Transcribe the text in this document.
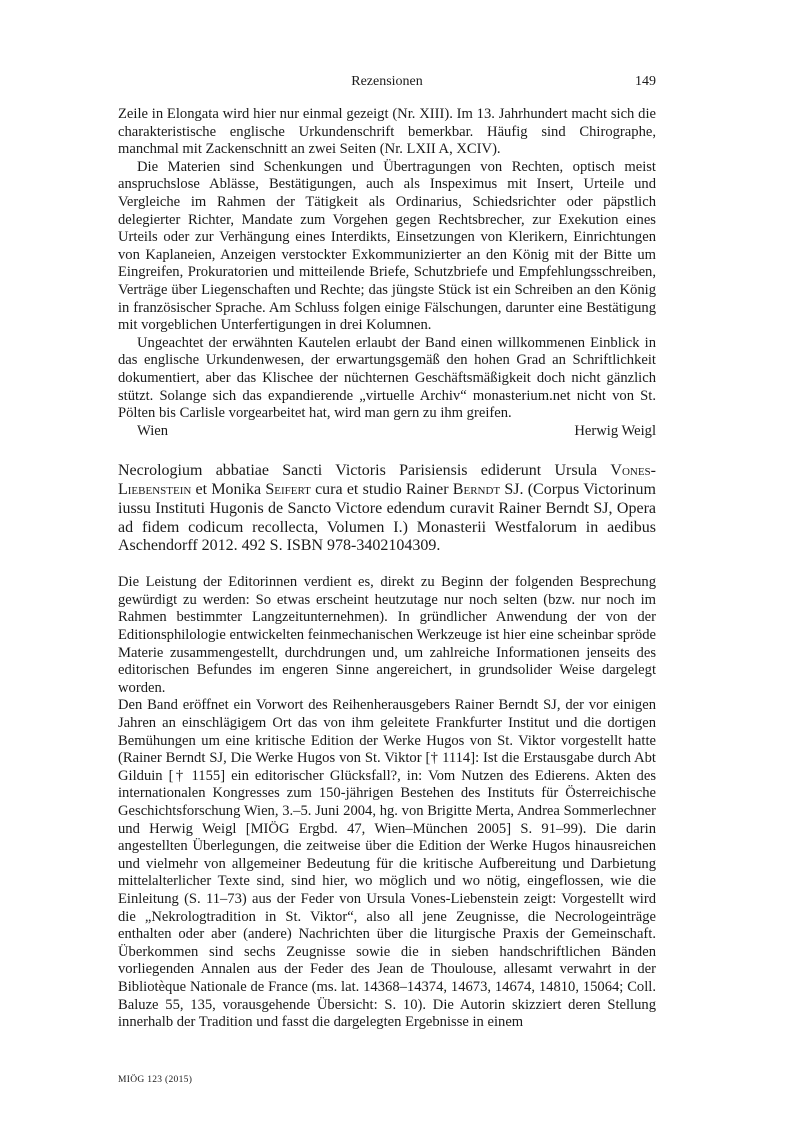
Rezensionen	149

Zeile in Elongata wird hier nur einmal gezeigt (Nr. XIII). Im 13. Jahrhundert macht sich die charakteristische englische Urkundenschrift bemerkbar. Häufig sind Chirographe, manchmal mit Zackenschnitt an zwei Seiten (Nr. LXII A, XCIV).

Die Materien sind Schenkungen und Übertragungen von Rechten, optisch meist anspruchslose Ablässe, Bestätigungen, auch als Inspeximus mit Insert, Urteile und Vergleiche im Rahmen der Tätigkeit als Ordinarius, Schiedsrichter oder päpstlich delegierter Richter, Mandate zum Vorgehen gegen Rechtsbrecher, zur Exekution eines Urteils oder zur Verhängung eines Interdikts, Einsetzungen von Klerikern, Einrichtungen von Kaplaneien, Anzeigen verstockter Exkommunizierter an den König mit der Bitte um Eingreifen, Prokuratorien und mitteilende Briefe, Schutzbriefe und Empfehlungsschreiben, Verträge über Liegenschaften und Rechte; das jüngste Stück ist ein Schreiben an den König in französischer Sprache. Am Schluss folgen einige Fälschungen, darunter eine Bestätigung mit vorgeblichen Unterfertigungen in drei Kolumnen.

Ungeachtet der erwähnten Kautelen erlaubt der Band einen willkommenen Einblick in das englische Urkundenwesen, der erwartungsgemäß den hohen Grad an Schriftlichkeit dokumentiert, aber das Klischee der nüchternen Geschäftsmäßigkeit doch nicht gänzlich stützt. Solange sich das expandierende „virtuelle Archiv“ monasterium.net nicht von St. Pölten bis Carlisle vorgearbeitet hat, wird man gern zu ihm greifen.

Wien	Herwig Weigl
Necrologium abbatiae Sancti Victoris Parisiensis ediderunt Ursula Vones-Liebenstein et Monika Seifert cura et studio Rainer Berndt SJ. (Corpus Victorinum iussu Instituti Hugonis de Sancto Victore edendum curavit Rainer Berndt SJ, Opera ad fidem codicum recollecta, Volumen I.) Monasterii Westfalorum in aedibus Aschendorff 2012. 492 S. ISBN 978-3402104309.

Die Leistung der Editorinnen verdient es, direkt zu Beginn der folgenden Besprechung gewürdigt zu werden: So etwas erscheint heutzutage nur noch selten (bzw. nur noch im Rahmen bestimmter Langzeitunternehmen). In gründlicher Anwendung der von der Editionsphilologie entwickelten feinmechanischen Werkzeuge ist hier eine scheinbar spröde Materie zusammengestellt, durchdrungen und, um zahlreiche Informationen jenseits des editorischen Befundes im engeren Sinne angereichert, in grundsolider Weise dargelegt worden.

Den Band eröffnet ein Vorwort des Reihenherausgebers Rainer Berndt SJ, der vor einigen Jahren an einschlägigem Ort das von ihm geleitete Frankfurter Institut und die dortigen Bemühungen um eine kritische Edition der Werke Hugos von St. Viktor vorgestellt hatte (Rainer Berndt SJ, Die Werke Hugos von St. Viktor [† 1114]: Ist die Erstausgabe durch Abt Gilduin [† 1155] ein editorischer Glücksfall?, in: Vom Nutzen des Edierens. Akten des internationalen Kongresses zum 150-jährigen Bestehen des Instituts für Österreichische Geschichtsforschung Wien, 3.–5. Juni 2004, hg. von Brigitte Merta, Andrea Sommerlechner und Herwig Weigl [MIÖG Ergbd. 47, Wien–München 2005] S. 91–99). Die darin angestellten Überlegungen, die zeitweise über die Edition der Werke Hugos hinausreichen und vielmehr von allgemeiner Bedeutung für die kritische Aufbereitung und Darbietung mittelalterlicher Texte sind, sind hier, wo möglich und wo nötig, eingeflossen, wie die Einleitung (S. 11–73) aus der Feder von Ursula Vones-Liebenstein zeigt: Vorgestellt wird die „Nekrologtradition in St. Viktor“, also all jene Zeugnisse, die Necrologeinträge enthalten oder aber (andere) Nachrichten über die liturgische Praxis der Gemeinschaft. Überkommen sind sechs Zeugnisse sowie die in sieben handschriftlichen Bänden vorliegenden Annalen aus der Feder des Jean de Thoulouse, allesamt verwahrt in der Bibliotèque Nationale de France (ms. lat. 14368–14374, 14673, 14674, 14810, 15064; Coll. Baluze 55, 135, vorausgehende Übersicht: S. 10). Die Autorin skizziert deren Stellung innerhalb der Tradition und fasst die dargelegten Ergebnisse in einem

MIÖG 123 (2015)
